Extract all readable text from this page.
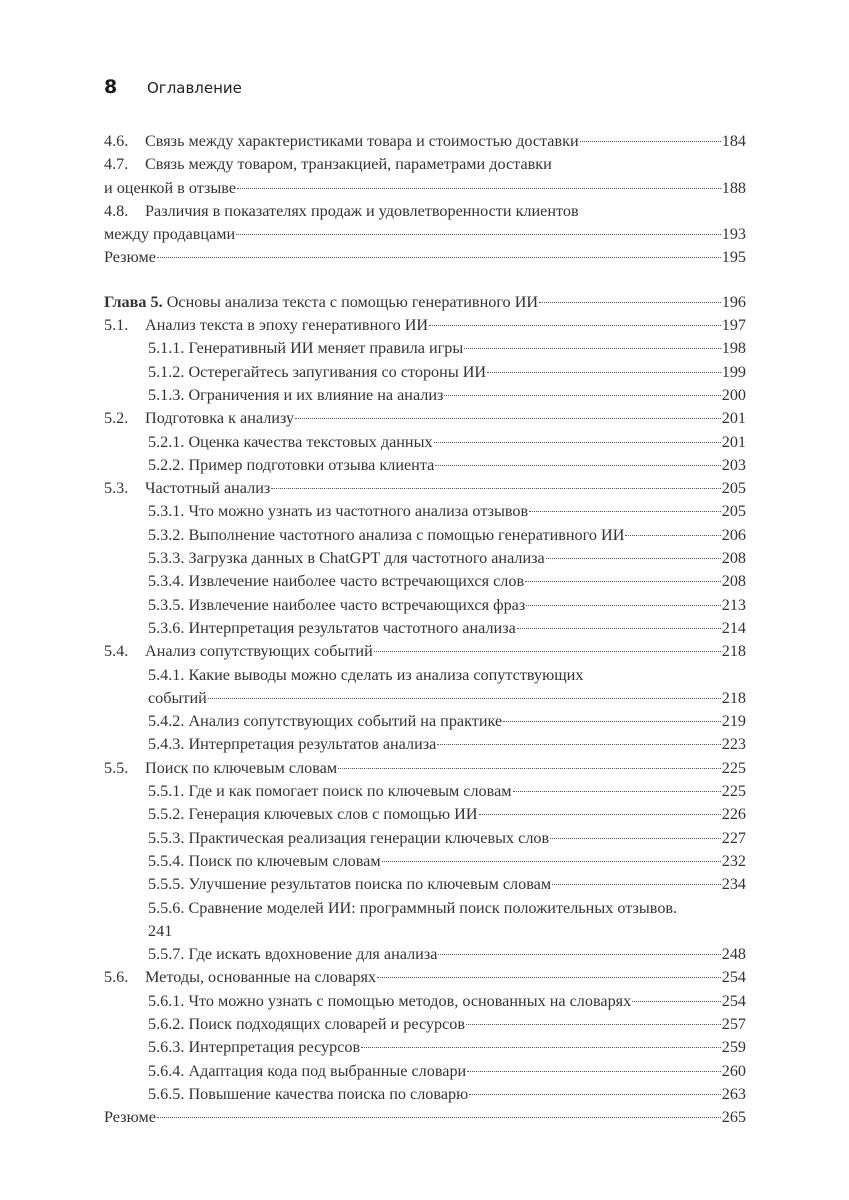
8	Оглавление
4.6.	Связь между характеристиками товара и стоимостью доставки	184
4.7. Связь между товаром, транзакцией, параметрами доставки
и оценкой в отзыве	188
4.8. Различия в показателях продаж и удовлетворенности клиентов
между продавцами	193
Резюме	195
Глава 5. Основы анализа текста с помощью генеративного ИИ	196
5.1.	Анализ текста в эпоху генеративного ИИ	197
5.1.1. Генеративный ИИ меняет правила игры	198
5.1.2. Остерегайтесь запугивания со стороны ИИ	199
5.1.3. Ограничения и их влияние на анализ	200
5.2.	Подготовка к анализу	201
5.2.1. Оценка качества текстовых данных	201
5.2.2. Пример подготовки отзыва клиента	203
5.3.	Частотный анализ	205
5.3.1. Что можно узнать из частотного анализа отзывов	205
5.3.2. Выполнение частотного анализа с помощью генеративного ИИ	206
5.3.3. Загрузка данных в ChatGPT для частотного анализа	208
5.3.4. Извлечение наиболее часто встречающихся слов	208
5.3.5. Извлечение наиболее часто встречающихся фраз	213
5.3.6. Интерпретация результатов частотного анализа	214
5.4.	Анализ сопутствующих событий	218
5.4.1. Какие выводы можно сделать из анализа сопутствующих
событий	218
5.4.2. Анализ сопутствующих событий на практике	219
5.4.3. Интерпретация результатов анализа	223
5.5.	Поиск по ключевым словам	225
5.5.1. Где и как помогает поиск по ключевым словам	225
5.5.2. Генерация ключевых слов с помощью ИИ	226
5.5.3. Практическая реализация генерации ключевых слов	227
5.5.4. Поиск по ключевым словам	232
5.5.5. Улучшение результатов поиска по ключевым словам	234
5.5.6. Сравнение моделей ИИ: программный поиск положительных отзывов.
241
5.5.7. Где искать вдохновение для анализа	248
5.6.	Методы, основанные на словарях	254
5.6.1. Что можно узнать с помощью методов, основанных на словарях	254
5.6.2. Поиск подходящих словарей и ресурсов	257
5.6.3. Интерпретация ресурсов	259
5.6.4. Адаптация кода под выбранные словари	260
5.6.5. Повышение качества поиска по словарю	263
Резюме	265
